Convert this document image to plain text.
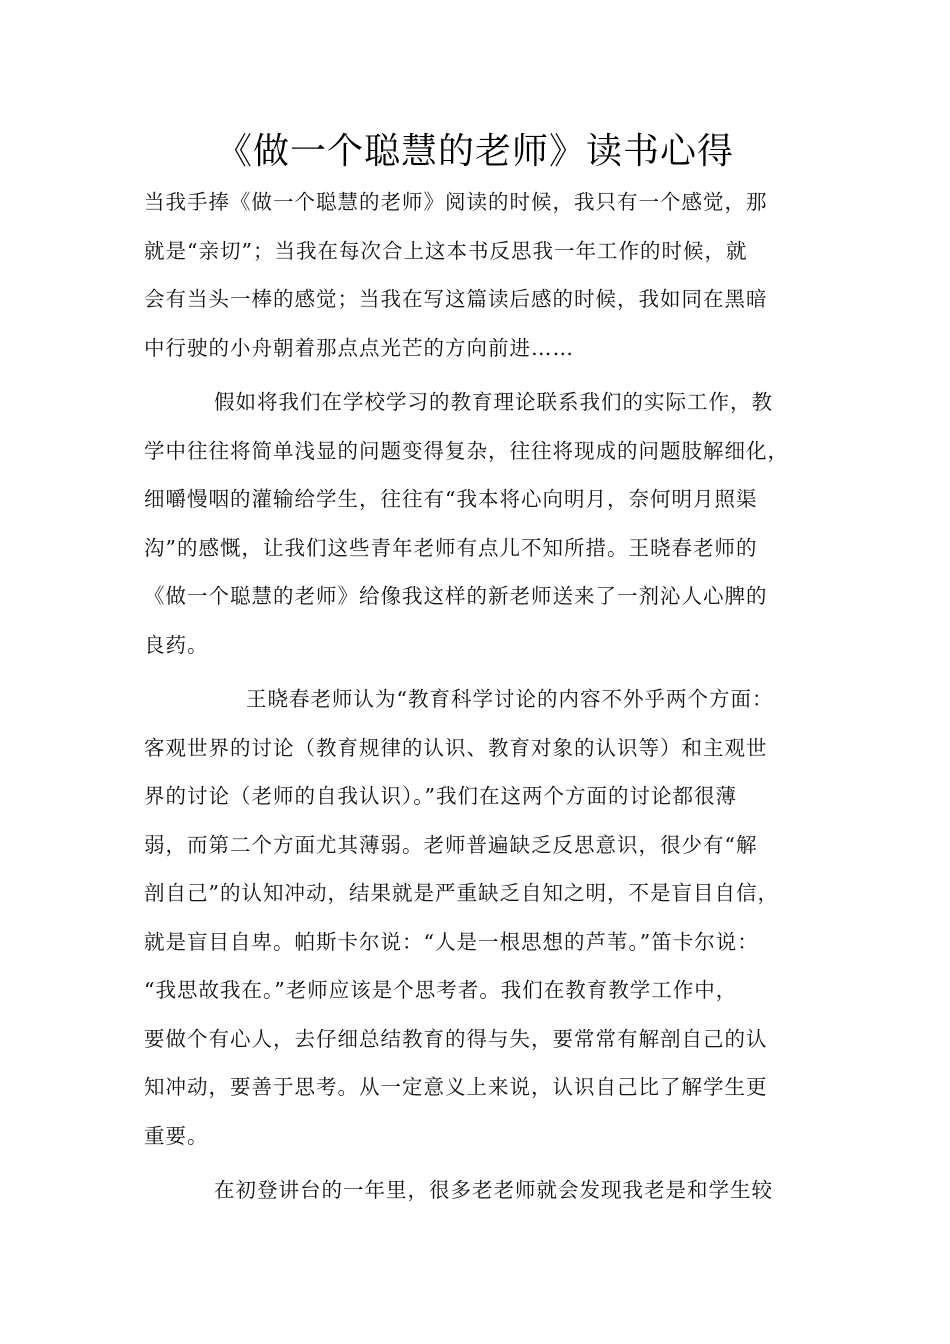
《做一个聪慧的老师》读书心得
当我手捧《做一个聪慧的老师》阅读的时候，我只有一个感觉，那
就是“亲切”；当我在每次合上这本书反思我一年工作的时候，就
会有当头一棒的感觉；当我在写这篇读后感的时候，我如同在黑暗
中行驶的小舟朝着那点点光芒的方向前进……
假如将我们在学校学习的教育理论联系我们的实际工作，教
学中往往将简单浅显的问题变得复杂，往往将现成的问题肢解细化，
细嚼慢咽的灌输给学生，往往有“我本将心向明月，奈何明月照渠
沟”的感慨，让我们这些青年老师有点儿不知所措。王晓春老师的
《做一个聪慧的老师》给像我这样的新老师送来了一剂沁人心脾的
良药。
王晓春老师认为“教育科学讨论的内容不外乎两个方面：
客观世界的讨论（教育规律的认识、教育对象的认识等）和主观世
界的讨论（老师的自我认识）。”我们在这两个方面的讨论都很薄
弱，而第二个方面尤其薄弱。老师普遍缺乏反思意识，很少有“解
剖自己”的认知冲动，结果就是严重缺乏自知之明，不是盲目自信，
就是盲目自卑。帕斯卡尔说：“人是一根思想的芦苇。”笛卡尔说：
“我思故我在。”老师应该是个思考者。我们在教育教学工作中，
要做个有心人，去仔细总结教育的得与失，要常常有解剖自己的认
知冲动，要善于思考。从一定意义上来说，认识自己比了解学生更
重要。
在初登讲台的一年里，很多老老师就会发现我老是和学生较
